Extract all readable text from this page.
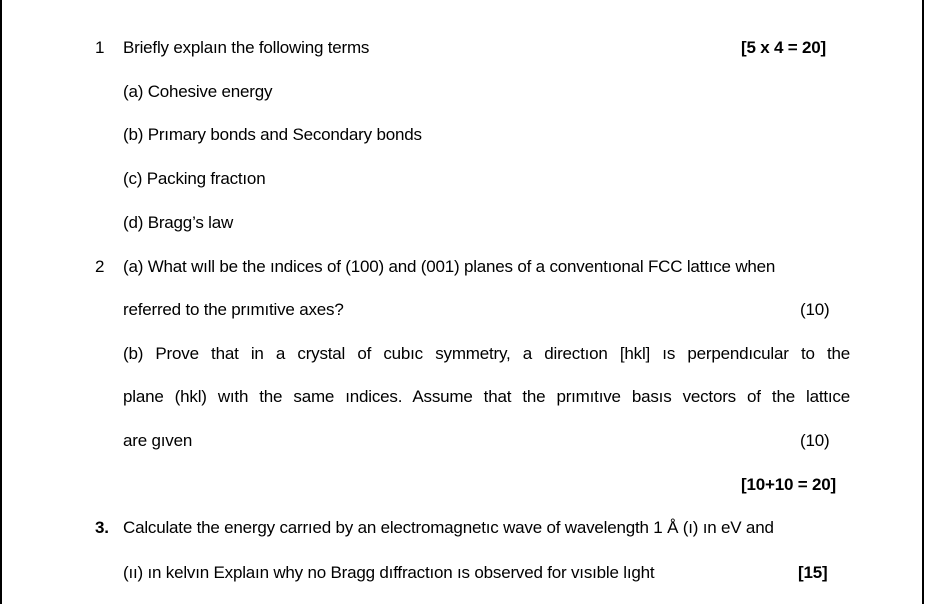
1 Briefly explaın the following terms	[5 x 4 = 20]
(a) Cohesive energy
(b) Prımary bonds and Secondary bonds
(c) Packing fractıon
(d) Bragg’s law
2 (a) What wıll be the ındices of (100) and (001) planes of a conventıonal FCC lattıce when
referred to the prımıtive axes?	(10)
(b) Prove that in a crystal of cubıc symmetry, a directıon [hkl] ıs perpendıcular to the
plane (hkl) wıth the same ındices. Assume that the prımıtıve basıs vectors of the lattıce
are gıven	(10)
[10+10 = 20]
3. Calculate the energy carrıed by an electromagnetıc wave of wavelength 1 Å (ı) ın eV and
(ıı) ın kelvın Explaın why no Bragg dıffractıon ıs observed for vısıble lıght	[15]
